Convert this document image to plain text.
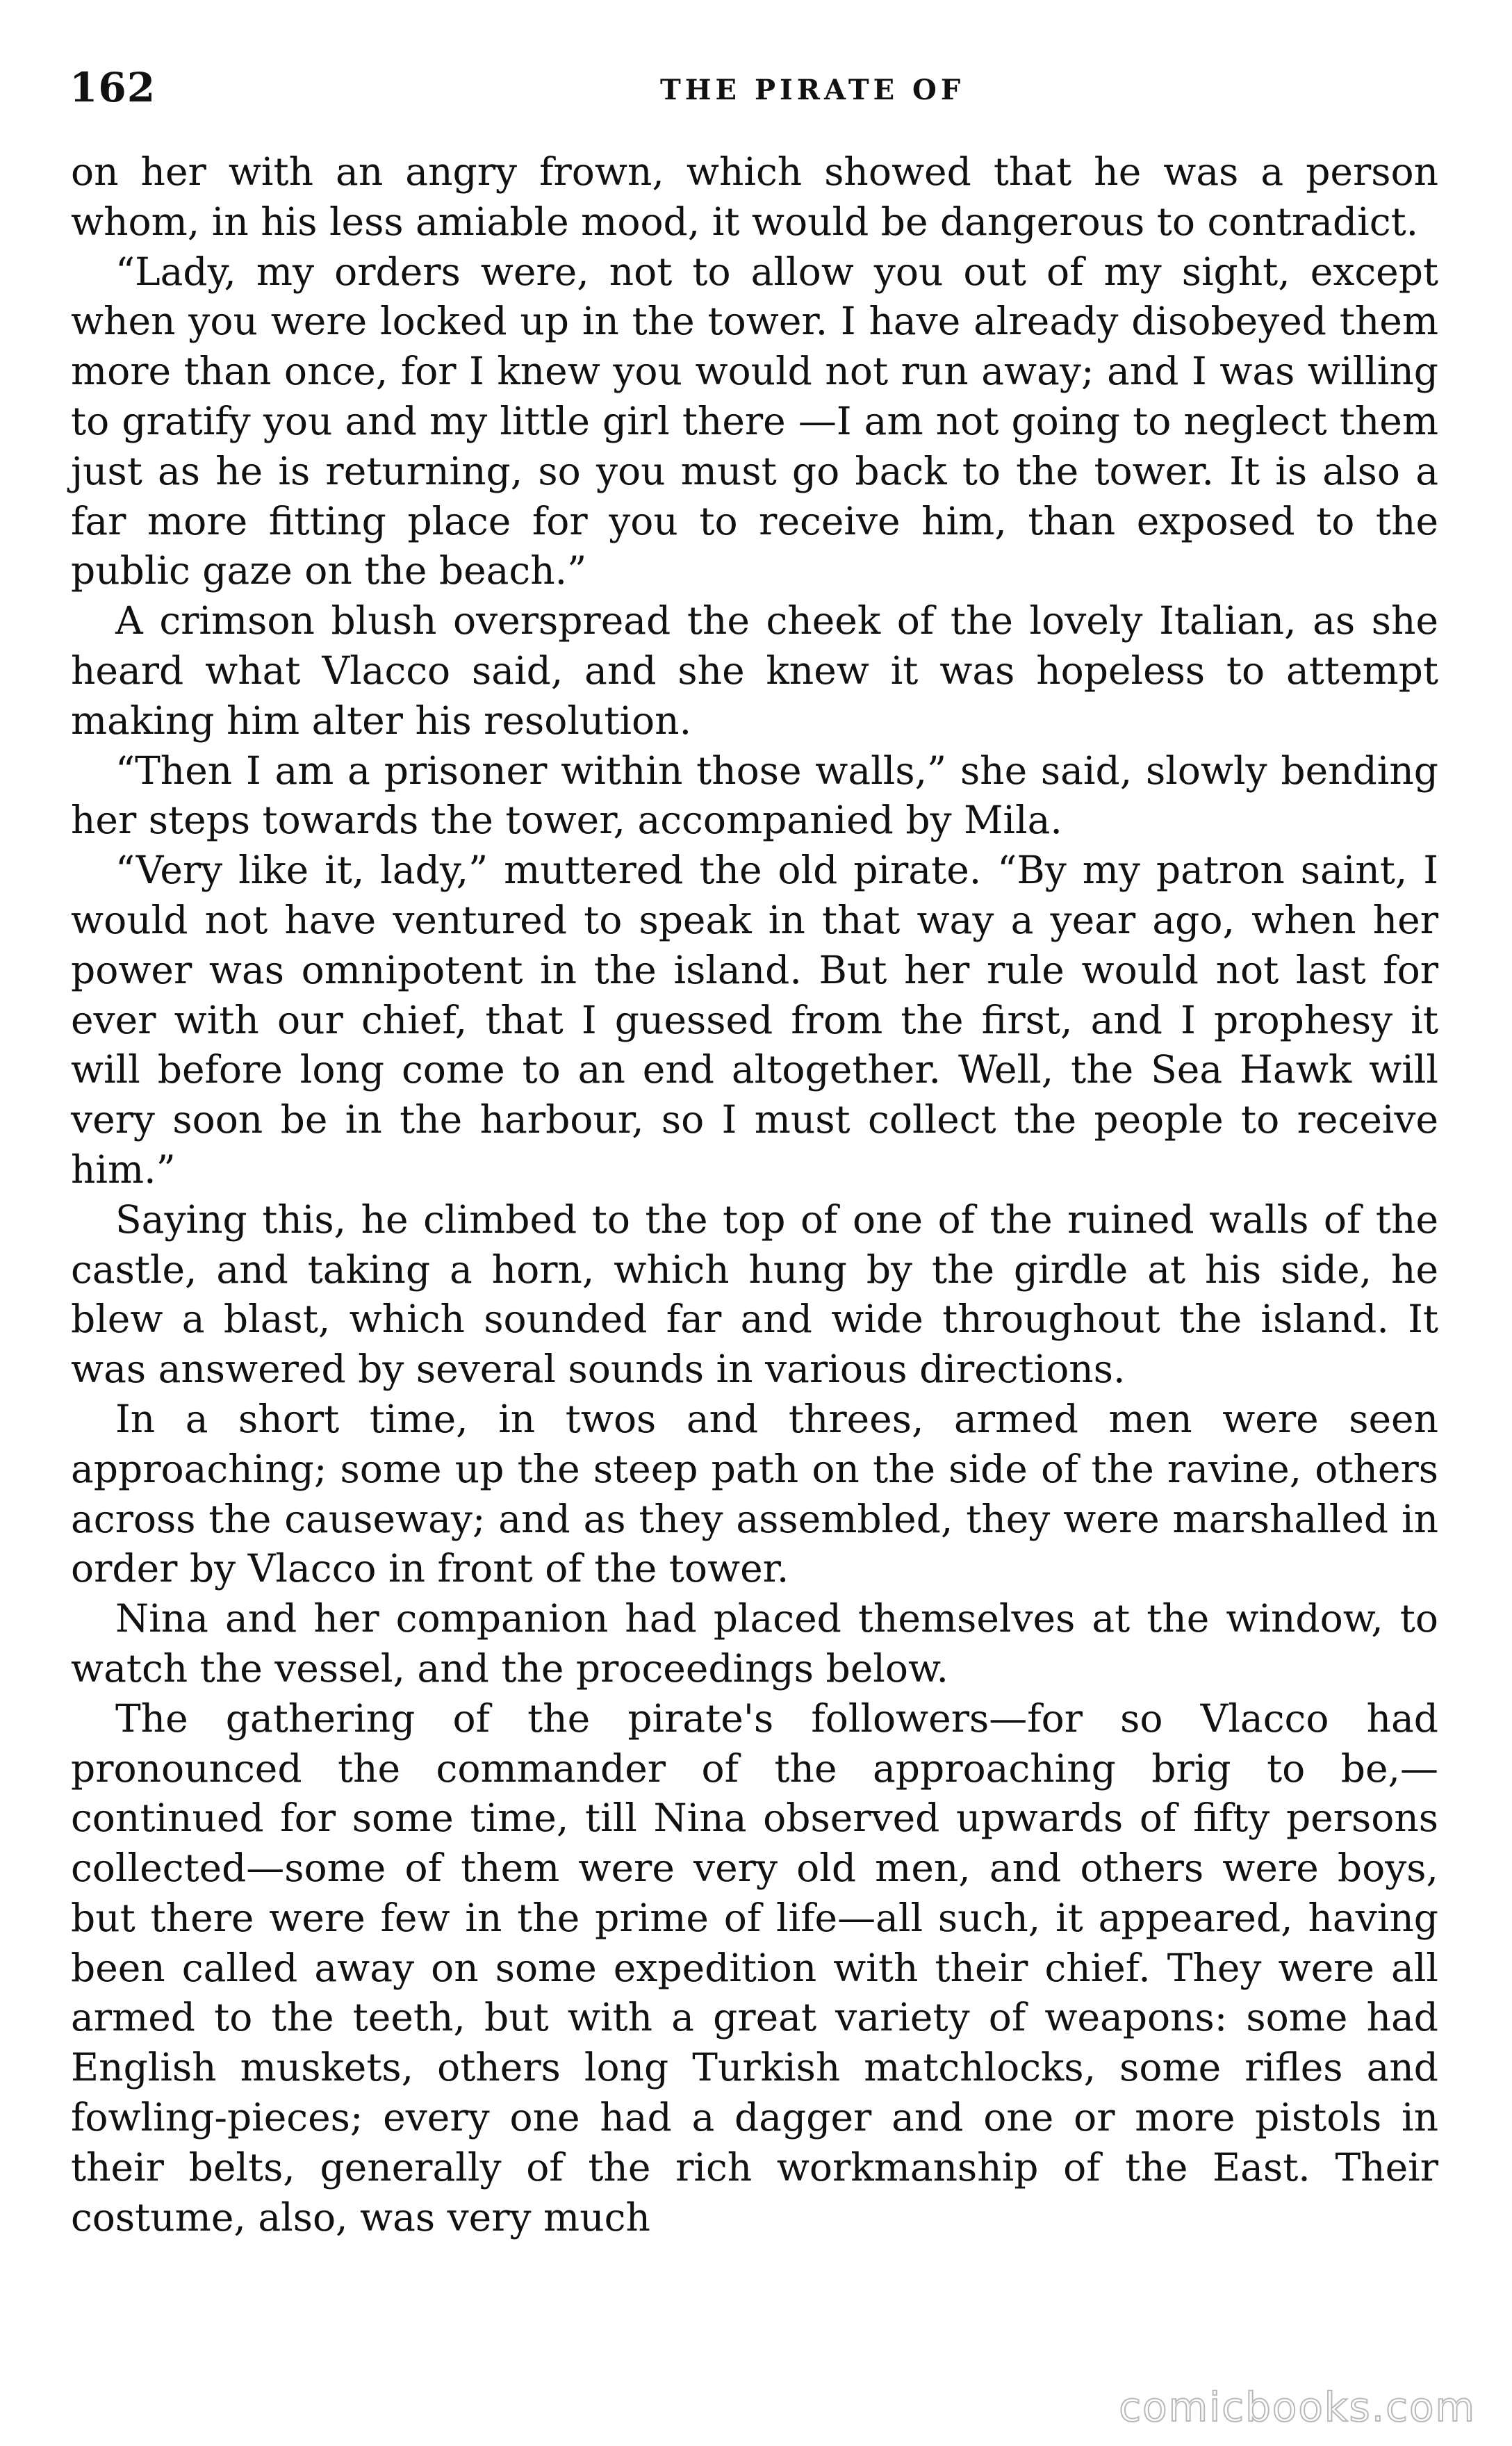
162	THE PIRATE OF

on her with an angry frown, which showed that he was a person whom, in his less amiable mood, it would be dangerous to contradict.

“Lady, my orders were, not to allow you out of my sight, except when you were locked up in the tower. I have already disobeyed them more than once, for I knew you would not run away; and I was willing to gratify you and my little girl there —I am not going to neglect them just as he is returning, so you must go back to the tower. It is also a far more fitting place for you to receive him, than exposed to the public gaze on the beach.”

A crimson blush overspread the cheek of the lovely Italian, as she heard what Vlacco said, and she knew it was hopeless to attempt making him alter his resolution.

“Then I am a prisoner within those walls,” she said, slowly bending her steps towards the tower, accompanied by Mila.

“Very like it, lady,” muttered the old pirate. “By my patron saint, I would not have ventured to speak in that way a year ago, when her power was omnipotent in the island. But her rule would not last for ever with our chief, that I guessed from the first, and I prophesy it will before long come to an end altogether. Well, the Sea Hawk will very soon be in the harbour, so I must collect the people to receive him.”

Saying this, he climbed to the top of one of the ruined walls of the castle, and taking a horn, which hung by the girdle at his side, he blew a blast, which sounded far and wide throughout the island. It was answered by several sounds in various directions.

In a short time, in twos and threes, armed men were seen approaching; some up the steep path on the side of the ravine, others across the causeway; and as they assembled, they were marshalled in order by Vlacco in front of the tower.

Nina and her companion had placed themselves at the window, to watch the vessel, and the proceedings below.

The gathering of the pirate's followers—for so Vlacco had pronounced the commander of the approaching brig to be,—continued for some time, till Nina observed upwards of fifty persons collected—some of them were very old men, and others were boys, but there were few in the prime of life—all such, it appeared, having been called away on some expedition with their chief. They were all armed to the teeth, but with a great variety of weapons: some had English muskets, others long Turkish matchlocks, some rifles and fowling-pieces; every one had a dagger and one or more pistols in their belts, generally of the rich workmanship of the East. Their costume, also, was very much

comicbooks.com
